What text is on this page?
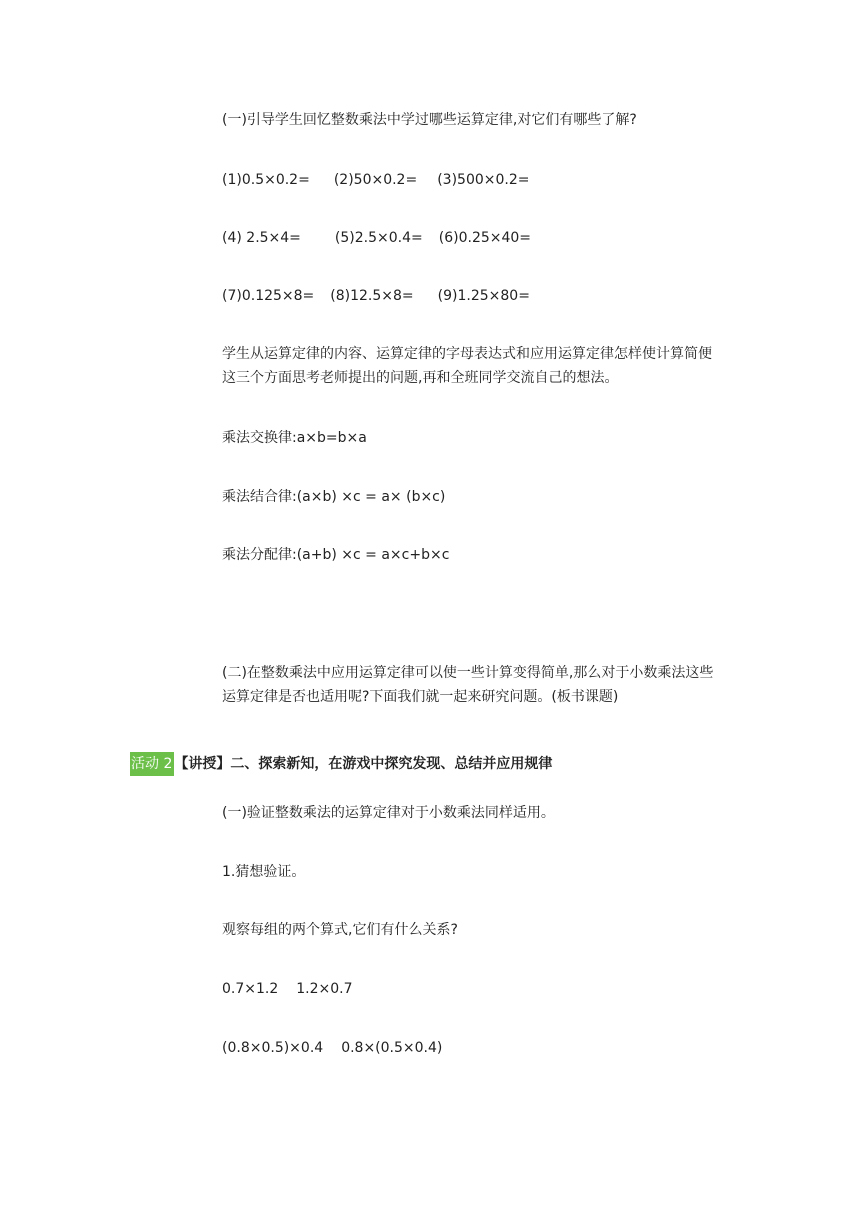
(一)引导学生回忆整数乘法中学过哪些运算定律,对它们有哪些了解?

(1)0.5×0.2= (2)50×0.2= (3)500×0.2=

(4) 2.5×4= (5)2.5×0.4= (6)0.25×40=

(7)0.125×8= (8)12.5×8= (9)1.25×80=

学生从运算定律的内容、运算定律的字母表达式和应用运算定律怎样使计算简便这三个方面思考老师提出的问题,再和全班同学交流自己的想法。

乘法交换律:a×b=b×a

乘法结合律:(a×b) ×c = a× (b×c)

乘法分配律:(a+b) ×c = a×c+b×c

(二)在整数乘法中应用运算定律可以使一些计算变得简单,那么对于小数乘法这些运算定律是否也适用呢?下面我们就一起来研究问题。(板书课题)

活动 2 【讲授】二、探索新知，在游戏中探究发现、总结并应用规律

(一)验证整数乘法的运算定律对于小数乘法同样适用。

1.猜想验证。

观察每组的两个算式,它们有什么关系?

0.7×1.2 1.2×0.7

(0.8×0.5)×0.4 0.8×(0.5×0.4)
